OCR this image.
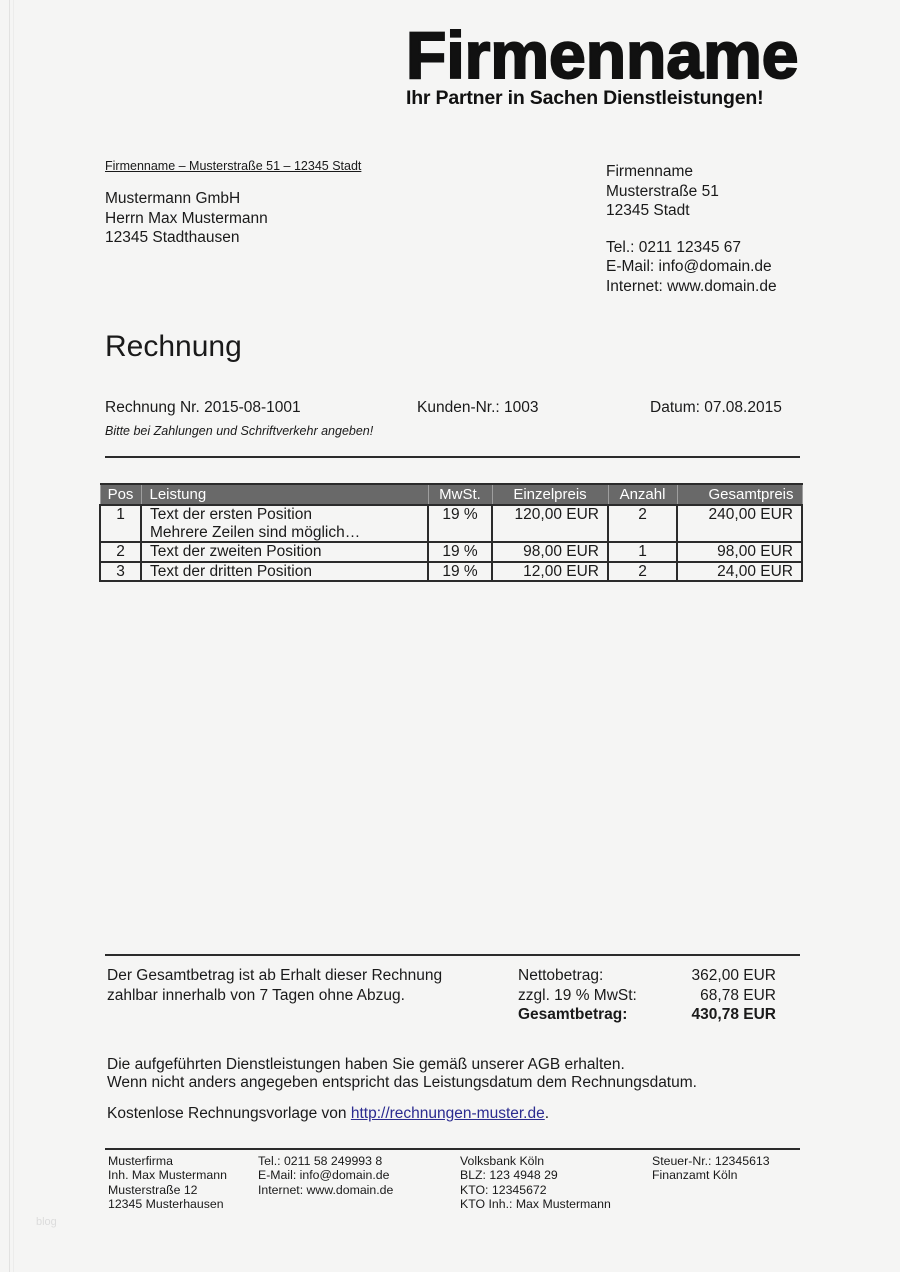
Firmenname
Ihr Partner in Sachen Dienstleistungen!
Firmenname – Musterstraße 51 – 12345 Stadt
Mustermann GmbH
Herrn Max Mustermann
12345 Stadthausen
Firmenname
Musterstraße 51
12345 Stadt
Tel.: 0211 12345 67
E-Mail: info@domain.de
Internet: www.domain.de
Rechnung
Rechnung Nr. 2015-08-1001	Kunden-Nr.: 1003	Datum: 07.08.2015
Bitte bei Zahlungen und Schriftverkehr angeben!
Pos	Leistung	MwSt.	Einzelpreis	Anzahl	Gesamtpreis
1	Text der ersten Position
Mehrere Zeilen sind möglich…	19 %	120,00 EUR	2	240,00 EUR
2	Text der zweiten Position	19 %	98,00 EUR	1	98,00 EUR
3	Text der dritten Position	19 %	12,00 EUR	2	24,00 EUR
Der Gesamtbetrag ist ab Erhalt dieser Rechnung
zahlbar innerhalb von 7 Tagen ohne Abzug.
Nettobetrag:	362,00 EUR
zzgl. 19 % MwSt:	68,78 EUR
Gesamtbetrag:	430,78 EUR
Die aufgeführten Dienstleistungen haben Sie gemäß unserer AGB erhalten.
Wenn nicht anders angegeben entspricht das Leistungsdatum dem Rechnungsdatum.
Kostenlose Rechnungsvorlage von http://rechnungen-muster.de.
Musterfirma
Inh. Max Mustermann
Musterstraße 12
12345 Musterhausen
Tel.: 0211 58 249993 8
E-Mail: info@domain.de
Internet: www.domain.de
Volksbank Köln
BLZ: 123 4948 29
KTO: 12345672
KTO Inh.: Max Mustermann
Steuer-Nr.: 12345613
Finanzamt Köln
blog
